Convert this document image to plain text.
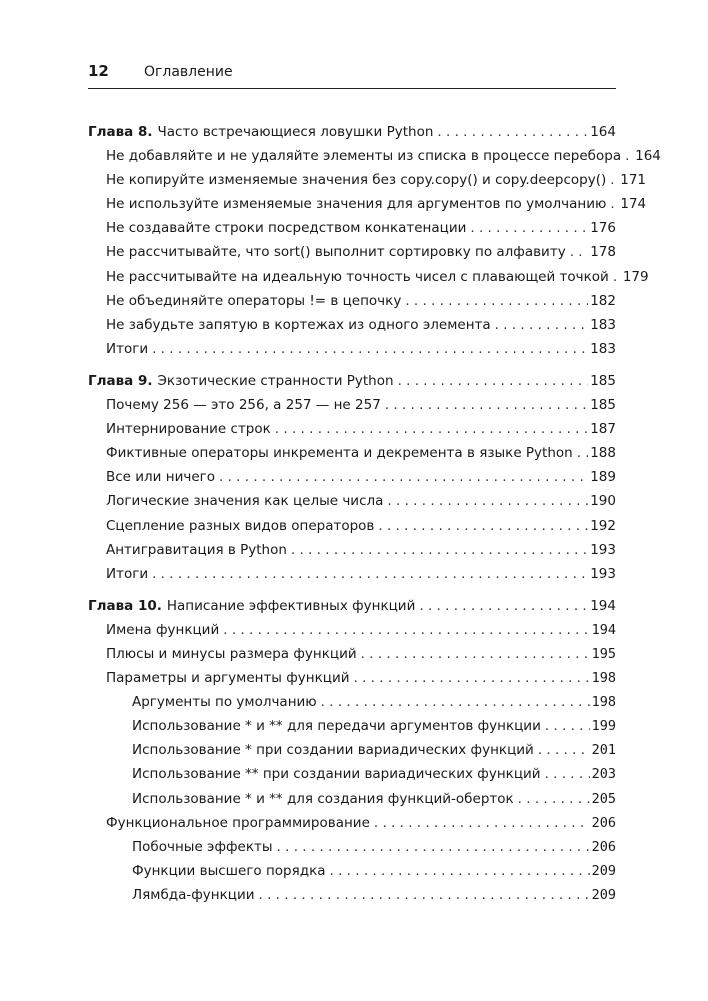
12	Оглавление
Глава 8. Часто встречающиеся ловушки Python . . .	164
Не добавляйте и не удаляйте элементы из списка в процессе перебора . . . 164
Не копируйте изменяемые значения без copy.copy() и copy.deepcopy() . . . 171
Не используйте изменяемые значения для аргументов по умолчанию . . . 174
Не создавайте строки посредством конкатенации . . .	176
Не рассчитывайте, что sort() выполнит сортировку по алфавиту . . . 178
Не рассчитывайте на идеальную точность чисел с плавающей точкой . . . 179
Не объединяйте операторы != в цепочку . . .	182
Не забудьте запятую в кортежах из одного элемента . . .	183
Итоги . . .	183
Глава 9. Экзотические странности Python . . .	185
Почему 256 — это 256, а 257 — не 257 . . .	185
Интернирование строк . . .	187
Фиктивные операторы инкремента и декремента в языке Python . . . 188
Все или ничего . . .	189
Логические значения как целые числа . . .	190
Сцепление разных видов операторов . . .	192
Антигравитация в Python . . .	193
Итоги . . .	193
Глава 10. Написание эффективных функций . . .	194
Имена функций . . .	194
Плюсы и минусы размера функций . . .	195
Параметры и аргументы функций . . .	198
Аргументы по умолчанию . . .	198
Использование * и ** для передачи аргументов функции . . .	199
Использование * при создании вариадических функций . . .	201
Использование ** при создании вариадических функций . . .	203
Использование * и ** для создания функций-оберток . . .	205
Функциональное программирование . . .	206
Побочные эффекты . . .	206
Функции высшего порядка . . .	209
Лямбда-функции . . .	209
